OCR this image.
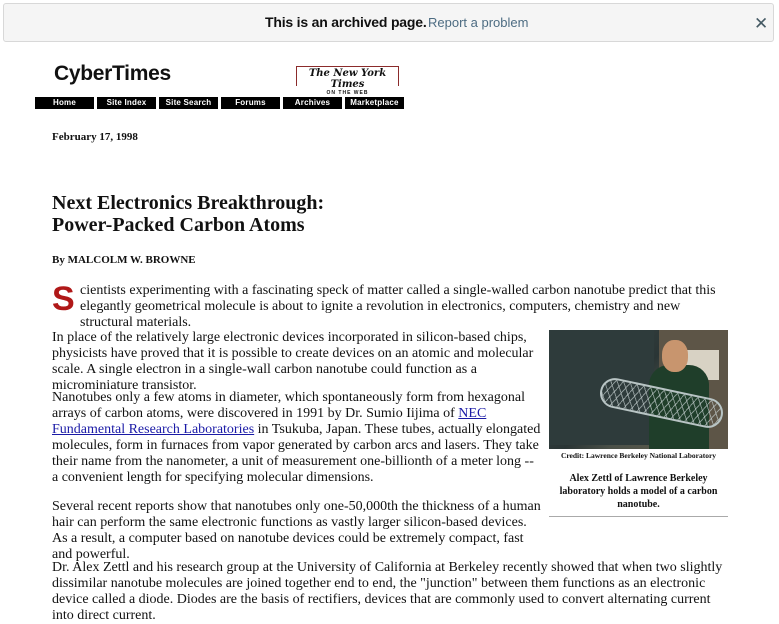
This is an archived page. Report a problem	✕
CyberTimes	The New York Times
ON THE WEB
Home	Site Index	Site Search	Forums	Archives	Marketplace
February 17, 1998
Next Electronics Breakthrough:
Power-Packed Carbon Atoms
By MALCOLM W. BROWNE
S cientists experimenting with a fascinating speck of matter called a single-walled carbon nanotube predict that this elegantly geometrical molecule is about to ignite a revolution in electronics, computers, chemistry and new structural materials.

In place of the relatively large electronic devices incorporated in silicon-based chips, physicists have proved that it is possible to create devices on an atomic and molecular scale. A single electron in a single-wall carbon nanotube could function as a microminiature transistor.

Nanotubes only a few atoms in diameter, which spontaneously form from hexagonal arrays of carbon atoms, were discovered in 1991 by Dr. Sumio Iijima of NEC Fundamental Research Laboratories in Tsukuba, Japan. These tubes, actually elongated molecules, form in furnaces from vapor generated by carbon arcs and lasers. They take their name from the nanometer, a unit of measurement one-billionth of a meter long -- a convenient length for specifying molecular dimensions.

Several recent reports show that nanotubes only one-50,000th the thickness of a human hair can perform the same electronic functions as vastly larger silicon-based devices. As a result, a computer based on nanotube devices could be extremely compact, fast and powerful.

Dr. Alex Zettl and his research group at the University of California at Berkeley recently showed that when two slightly dissimilar nanotube molecules are joined together end to end, the "junction" between them functions as an electronic device called a diode. Diodes are the basis of rectifiers, devices that are commonly used to convert alternating current into direct current.

Credit: Lawrence Berkeley National Laboratory
Alex Zettl of Lawrence Berkeley laboratory holds a model of a carbon nanotube.
